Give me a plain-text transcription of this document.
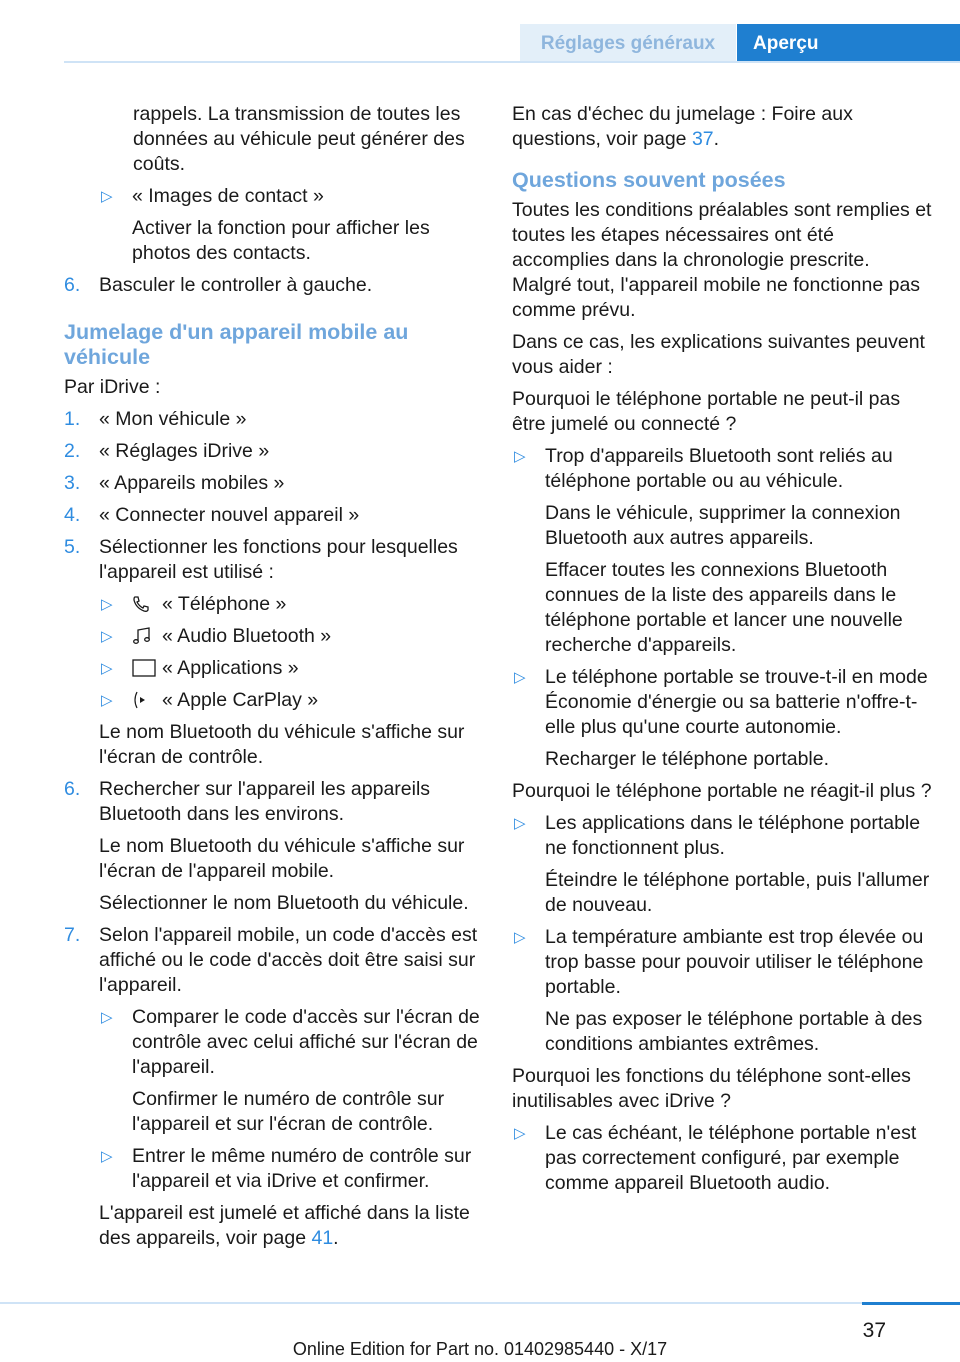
Réglages généraux	Aperçu

rappels. La transmission de toutes les données au véhicule peut générer des coûts.

▷ « Images de contact »

Activer la fonction pour afficher les photos des contacts.

6. Basculer le controller à gauche.

Jumelage d'un appareil mobile au véhicule

Par iDrive :

1. « Mon véhicule »

2. « Réglages iDrive »

3. « Appareils mobiles »

4. « Connecter nouvel appareil »

5. Sélectionner les fonctions pour lesquelles l'appareil est utilisé :

▷	« Téléphone »
▷	« Audio Bluetooth »
▷	« Applications »
▷	« Apple CarPlay »

Le nom Bluetooth du véhicule s'affiche sur l'écran de contrôle.

6. Rechercher sur l'appareil les appareils Bluetooth dans les environs.

Le nom Bluetooth du véhicule s'affiche sur l'écran de l'appareil mobile.

Sélectionner le nom Bluetooth du véhicule.

7. Selon l'appareil mobile, un code d'accès est affiché ou le code d'accès doit être saisi sur l'appareil.

▷ Comparer le code d'accès sur l'écran de contrôle avec celui affiché sur l'écran de l'appareil.

Confirmer le numéro de contrôle sur l'appareil et sur l'écran de contrôle.

▷ Entrer le même numéro de contrôle sur l'appareil et via iDrive et confirmer.

L'appareil est jumelé et affiché dans la liste des appareils, voir page 41.

En cas d'échec du jumelage : Foire aux questions, voir page 37.

Questions souvent posées

Toutes les conditions préalables sont remplies et toutes les étapes nécessaires ont été accomplies dans la chronologie prescrite. Malgré tout, l'appareil mobile ne fonctionne pas comme prévu.

Dans ce cas, les explications suivantes peuvent vous aider :

Pourquoi le téléphone portable ne peut-il pas être jumelé ou connecté ?

▷ Trop d'appareils Bluetooth sont reliés au téléphone portable ou au véhicule.

Dans le véhicule, supprimer la connexion Bluetooth aux autres appareils.

Effacer toutes les connexions Bluetooth connues de la liste des appareils dans le téléphone portable et lancer une nouvelle recherche d'appareils.

▷ Le téléphone portable se trouve-t-il en mode Économie d'énergie ou sa batterie n'offre-t-elle plus qu'une courte autonomie.

Recharger le téléphone portable.

Pourquoi le téléphone portable ne réagit-il plus ?

▷ Les applications dans le téléphone portable ne fonctionnent plus.

Éteindre le téléphone portable, puis l'allumer de nouveau.

▷ La température ambiante est trop élevée ou trop basse pour pouvoir utiliser le téléphone portable.

Ne pas exposer le téléphone portable à des conditions ambiantes extrêmes.

Pourquoi les fonctions du téléphone sont-elles inutilisables avec iDrive ?

▷ Le cas échéant, le téléphone portable n'est pas correctement configuré, par exemple comme appareil Bluetooth audio.

37
Online Edition for Part no. 01402985440 - X/17
